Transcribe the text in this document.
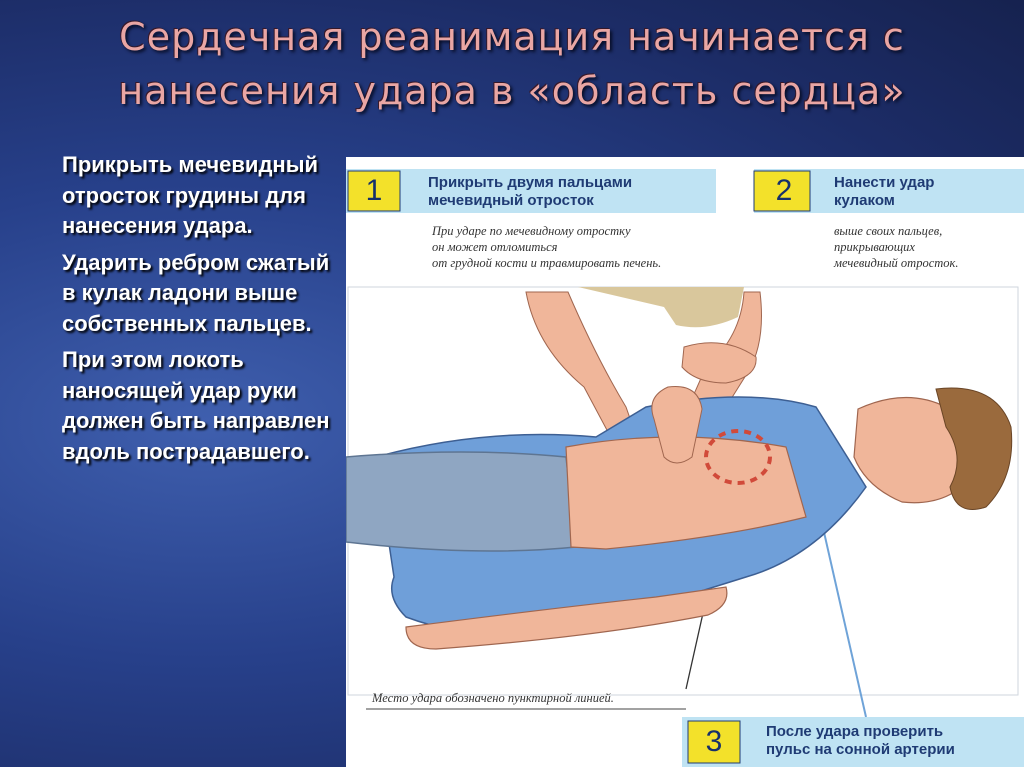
Сердечная реанимация начинается с
нанесения удара в «область сердца»

Прикрыть мечевидный отросток грудины для нанесения удара.

Ударить ребром сжатый в кулак ладони выше собственных пальцев.

При этом локоть наносящей удар руки должен быть направлен вдоль пострадавшего.

1	Прикрыть двумя пальцами
мечевидный отросток
При ударе по мечевидному отростку
он может отломиться
от грудной кости и травмировать печень.
2	Нанести удар
кулаком
выше своих пальцев,
прикрывающих
мечевидный отросток.
Место удара обозначено пунктирной линией.
3	После удара проверить
пульс на сонной артерии
